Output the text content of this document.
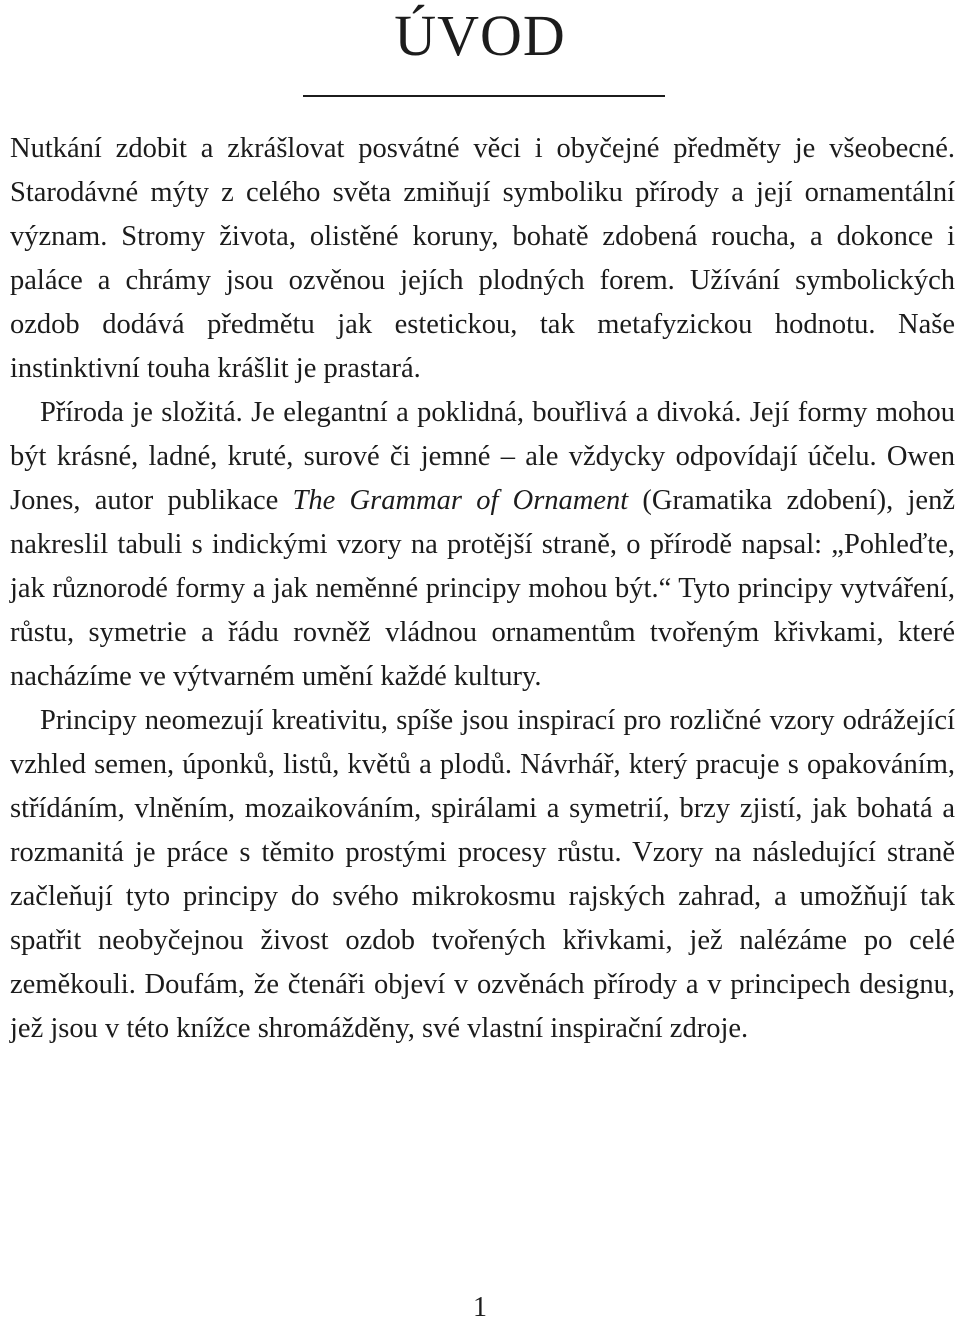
ÚVOD

Nutkání zdobit a zkrášlovat posvátné věci i obyčejné předměty je všeobecné. Starodávné mýty z celého světa zmiňují symboliku přírody a její ornamentální význam. Stromy života, olistěné koruny, bohatě zdobená roucha, a dokonce i paláce a chrámy jsou ozvěnou jejích plodných forem. Užívání symbolických ozdob dodává předmětu jak estetickou, tak metafyzickou hodnotu. Naše instinktivní touha krášlit je prastará.

Příroda je složitá. Je elegantní a poklidná, bouřlivá a divoká. Její formy mohou být krásné, ladné, kruté, surové či jemné – ale vždycky odpovídají účelu. Owen Jones, autor publikace The Grammar of Ornament (Gramatika zdobení), jenž nakreslil tabuli s indickými vzory na protější straně, o přírodě napsal: „Pohleďte, jak různorodé formy a jak neměnné principy mohou být.“ Tyto principy vytváření, růstu, symetrie a řádu rovněž vládnou ornamentům tvořeným křivkami, které nacházíme ve výtvarném umění každé kultury.

Principy neomezují kreativitu, spíše jsou inspirací pro rozličné vzory odrážející vzhled semen, úponků, listů, květů a plodů. Návrhář, který pracuje s opakováním, střídáním, vlněním, mozaikováním, spirálami a symetrií, brzy zjistí, jak bohatá a rozmanitá je práce s těmito prostými procesy růstu. Vzory na následující straně začleňují tyto principy do svého mikrokosmu rajských zahrad, a umožňují tak spatřit neobyčejnou živost ozdob tvořených křivkami, jež nalézáme po celé zeměkouli. Doufám, že čtenáři objeví v ozvěnách přírody a v principech designu, jež jsou v této knížce shromážděny, své vlastní inspirační zdroje.

1
